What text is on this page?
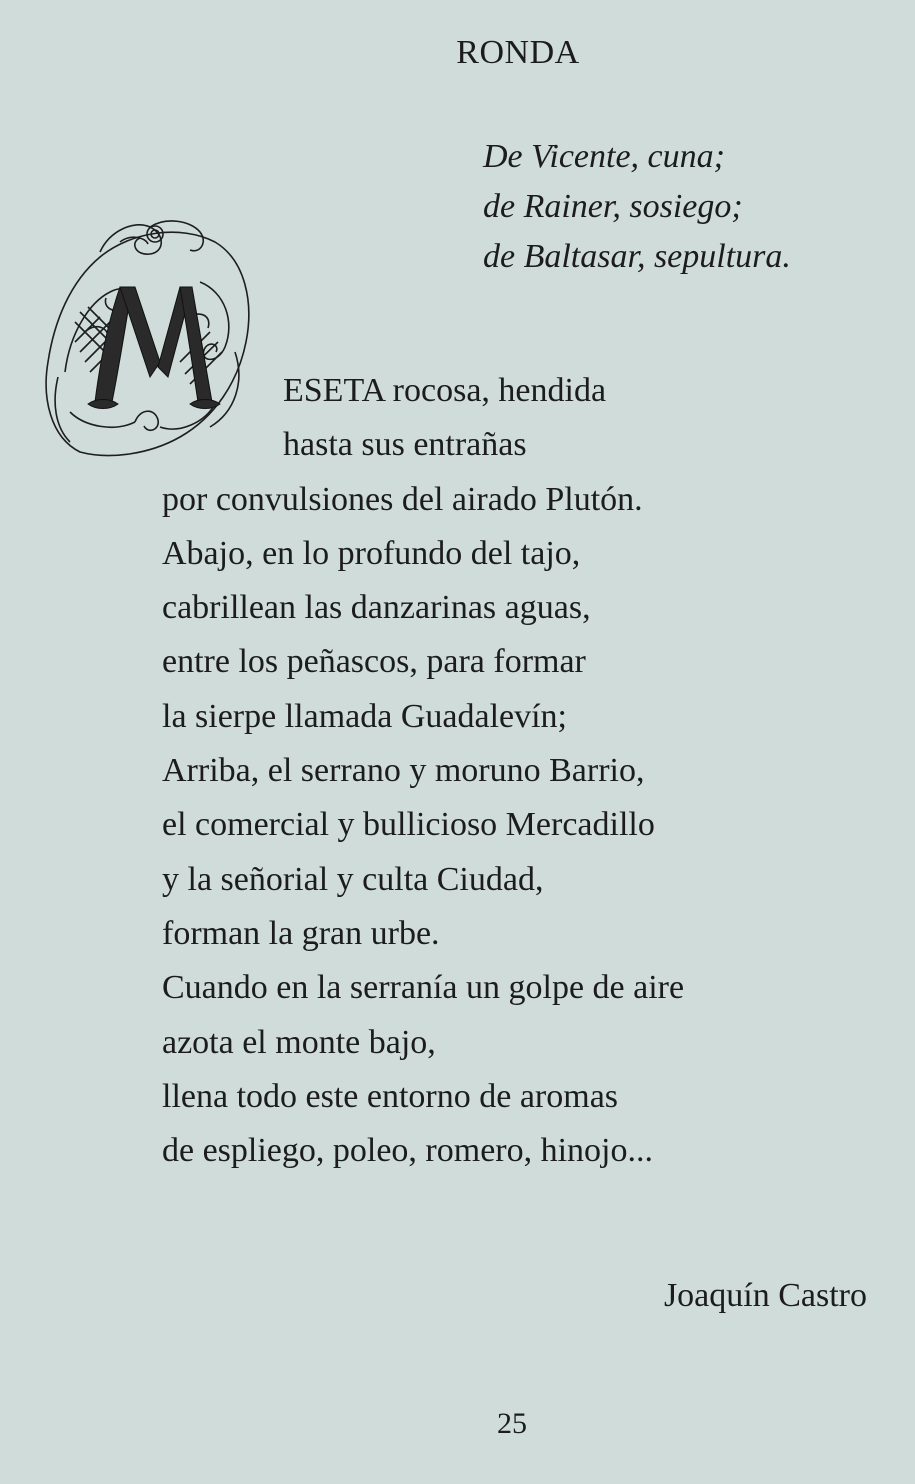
RONDA
De Vicente, cuna;
de Rainer, sosiego;
de Baltasar, sepultura.
ESETA rocosa, hendida
hasta sus entrañas
por convulsiones del airado Plutón.
Abajo, en lo profundo del tajo,
cabrillean las danzarinas aguas,
entre los peñascos, para formar
la sierpe llamada Guadalevín;
Arriba, el serrano y moruno Barrio,
el comercial y bullicioso Mercadillo
y la señorial y culta Ciudad,
forman la gran urbe.
Cuando en la serranía un golpe de aire
azota el monte bajo,
llena todo este entorno de aromas
de espliego, poleo, romero, hinojo...
Joaquín Castro
25
